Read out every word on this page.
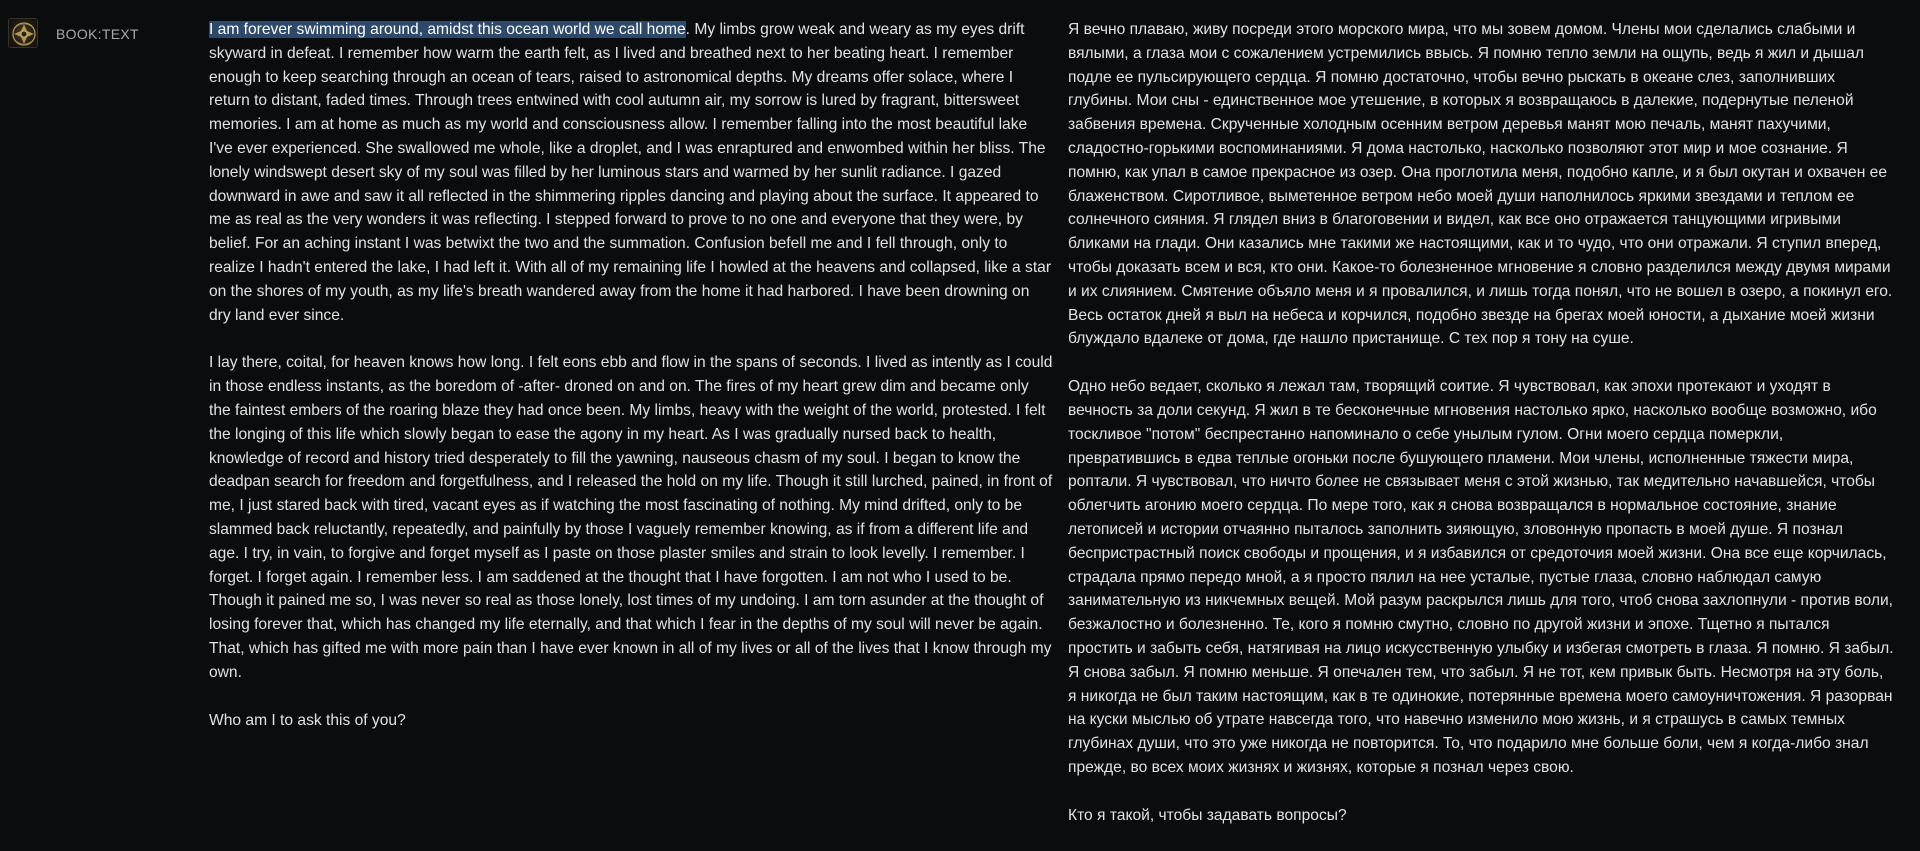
BOOK:TEXT	I am forever swimming around, amidst this ocean world we call home. My limbs grow weak and weary as my eyes drift skyward in defeat. I remember how warm the earth felt, as I lived and breathed next to her beating heart. I remember enough to keep searching through an ocean of tears, raised to astronomical depths. My dreams offer solace, where I return to distant, faded times. Through trees entwined with cool autumn air, my sorrow is lured by fragrant, bittersweet memories. I am at home as much as my world and consciousness allow. I remember falling into the most beautiful lake I've ever experienced. She swallowed me whole, like a droplet, and I was enraptured and enwombed within her bliss. The lonely windswept desert sky of my soul was filled by her luminous stars and warmed by her sunlit radiance. I gazed downward in awe and saw it all reflected in the shimmering ripples dancing and playing about the surface. It appeared to me as real as the very wonders it was reflecting. I stepped forward to prove to no one and everyone that they were, by belief. For an aching instant I was betwixt the two and the summation. Confusion befell me and I fell through, only to realize I hadn't entered the lake, I had left it. With all of my remaining life I howled at the heavens and collapsed, like a star on the shores of my youth, as my life's breath wandered away from the home it had harbored. I have been drowning on dry land ever since.

I lay there, coital, for heaven knows how long. I felt eons ebb and flow in the spans of seconds. I lived as intently as I could in those endless instants, as the boredom of -after- droned on and on. The fires of my heart grew dim and became only the faintest embers of the roaring blaze they had once been. My limbs, heavy with the weight of the world, protested. I felt the longing of this life which slowly began to ease the agony in my heart. As I was gradually nursed back to health, knowledge of record and history tried desperately to fill the yawning, nauseous chasm of my soul. I began to know the deadpan search for freedom and forgetfulness, and I released the hold on my life. Though it still lurched, pained, in front of me, I just stared back with tired, vacant eyes as if watching the most fascinating of nothing. My mind drifted, only to be slammed back reluctantly, repeatedly, and painfully by those I vaguely remember knowing, as if from a different life and age. I try, in vain, to forgive and forget myself as I paste on those plaster smiles and strain to look levelly. I remember. I forget. I forget again. I remember less. I am saddened at the thought that I have forgotten. I am not who I used to be. Though it pained me so, I was never so real as those lonely, lost times of my undoing. I am torn asunder at the thought of losing forever that, which has changed my life eternally, and that which I fear in the depths of my soul will never be again. That, which has gifted me with more pain than I have ever known in all of my lives or all of the lives that I know through my own.

Who am I to ask this of you?

Я вечно плаваю, живу посреди этого морского мира, что мы зовем домом. Члены мои сделались слабыми и вялыми, а глаза мои с сожалением устремились ввысь. Я помню тепло земли на ощупь, ведь я жил и дышал подле ее пульсирующего сердца. Я помню достаточно, чтобы вечно рыскать в океане слез, заполнивших глубины. Мои сны - единственное мое утешение, в которых я возвращаюсь в далекие, подернутые пеленой забвения времена. Скрученные холодным осенним ветром деревья манят мою печаль, манят пахучими, сладостно-горькими воспоминаниями. Я дома настолько, насколько позволяют этот мир и мое сознание. Я помню, как упал в самое прекрасное из озер. Она проглотила меня, подобно капле, и я был окутан и охвачен ее блаженством. Сиротливое, выметенное ветром небо моей души наполнилось яркими звездами и теплом ее солнечного сияния. Я глядел вниз в благоговении и видел, как все оно отражается танцующими игривыми бликами на глади. Они казались мне такими же настоящими, как и то чудо, что они отражали. Я ступил вперед, чтобы доказать всем и вся, кто они. Какое-то болезненное мгновение я словно разделился между двумя мирами и их слиянием. Смятение объяло меня и я провалился, и лишь тогда понял, что не вошел в озеро, а покинул его. Весь остаток дней я выл на небеса и корчился, подобно звезде на брегах моей юности, а дыхание моей жизни блуждало вдалеке от дома, где нашло пристанище. С тех пор я тону на суше.

Одно небо ведает, сколько я лежал там, творящий соитие. Я чувствовал, как эпохи протекают и уходят в вечность за доли секунд. Я жил в те бесконечные мгновения настолько ярко, насколько вообще возможно, ибо тоскливое "потом" беспрестанно напоминало о себе унылым гулом. Огни моего сердца померкли, превратившись в едва теплые огоньки после бушующего пламени. Мои члены, исполненные тяжести мира, роптали. Я чувствовал, что ничто более не связывает меня с этой жизнью, так медительно начавшейся, чтобы облегчить агонию моего сердца. По мере того, как я снова возвращался в нормальное состояние, знание летописей и истории отчаянно пыталось заполнить зияющую, зловонную пропасть в моей душе. Я познал беспристрастный поиск свободы и прощения, и я избавился от средоточия моей жизни. Она все еще корчилась, страдала прямо передо мной, а я просто пялил на нее усталые, пустые глаза, словно наблюдал самую занимательную из никчемных вещей. Мой разум раскрылся лишь для того, чтоб снова захлопнули - против воли, безжалостно и болезненно. Те, кого я помню смутно, словно по другой жизни и эпохе. Тщетно я пытался простить и забыть себя, натягивая на лицо искусственную улыбку и избегая смотреть в глаза. Я помню. Я забыл. Я снова забыл. Я помню меньше. Я опечален тем, что забыл. Я не тот, кем привык быть. Несмотря на эту боль, я никогда не был таким настоящим, как в те одинокие, потерянные времена моего самоуничтожения. Я разорван на куски мыслью об утрате навсегда того, что навечно изменило мою жизнь, и я страшусь в самых темных глубинах души, что это уже никогда не повторится. То, что подарило мне больше боли, чем я когда-либо знал прежде, во всех моих жизнях и жизнях, которые я познал через свою.

Кто я такой, чтобы задавать вопросы?
